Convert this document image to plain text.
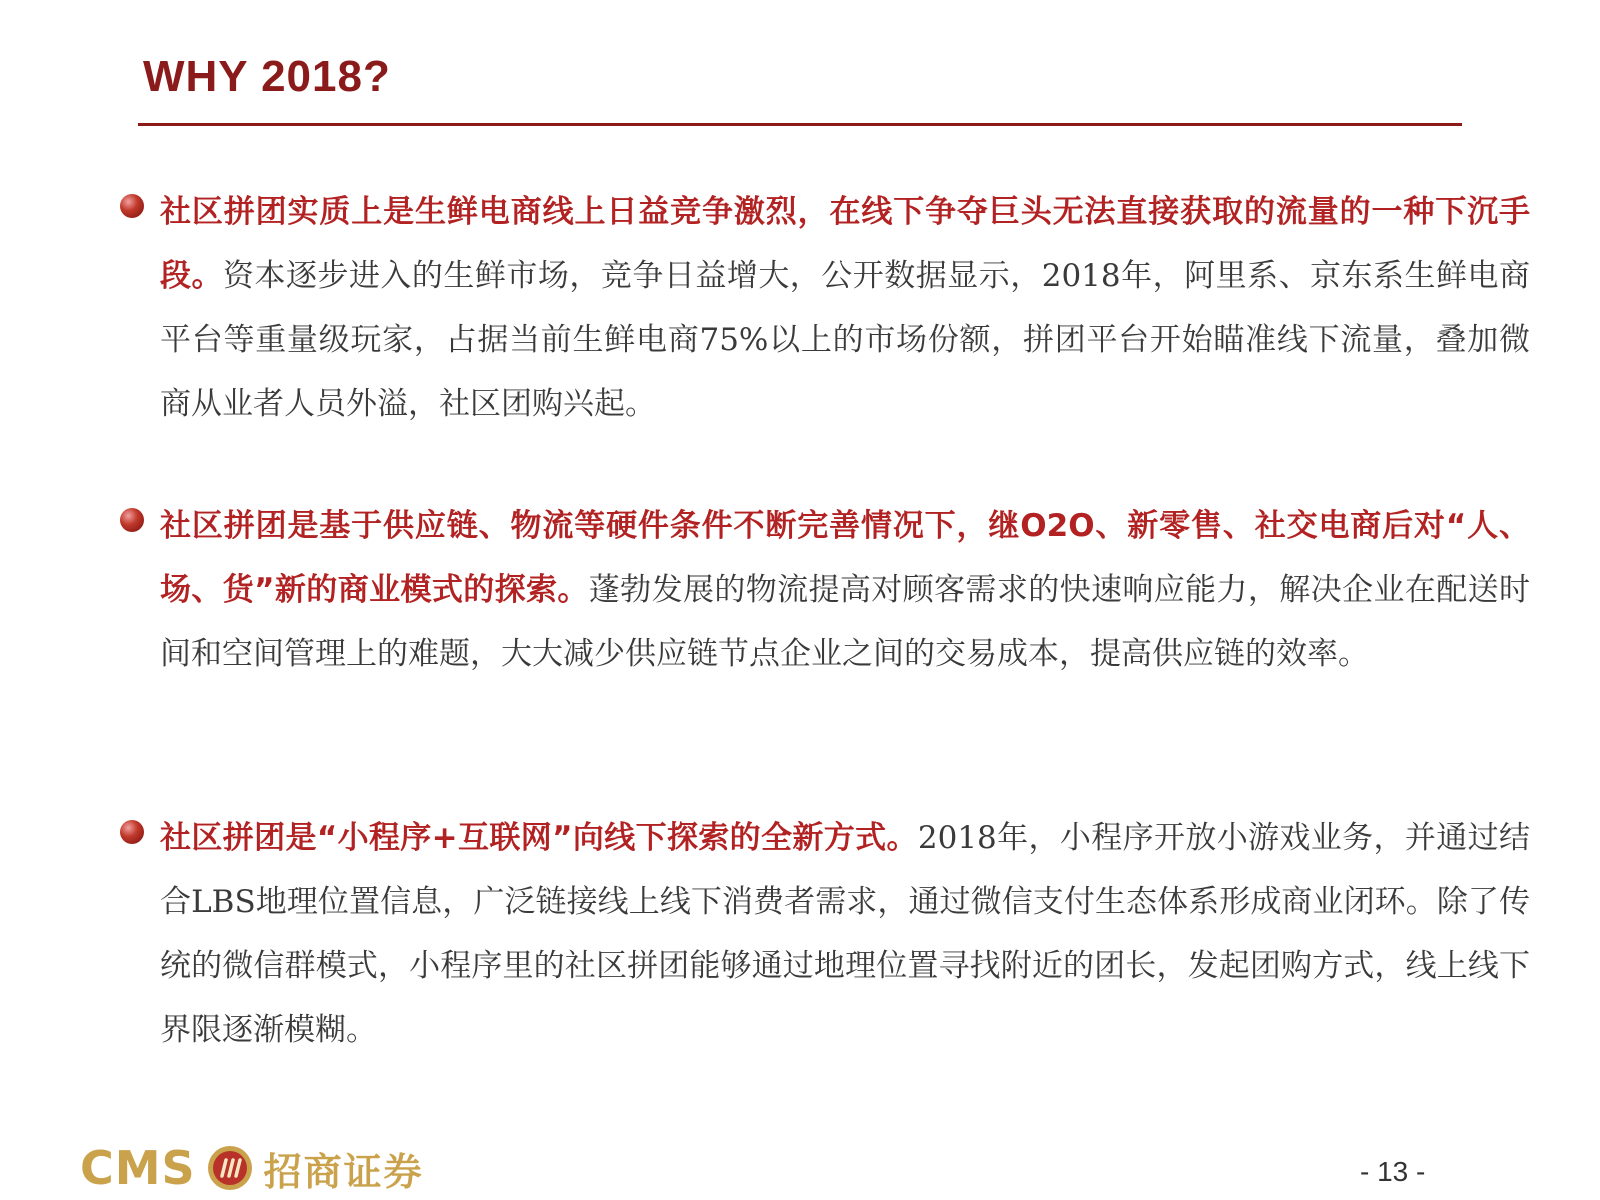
WHY 2018?

社区拼团实质上是生鲜电商线上日益竞争激烈，在线下争夺巨头无法直接获取的流量的一种下沉手段。资本逐步进入的生鲜市场，竞争日益增大，公开数据显示，2018年，阿里系、京东系生鲜电商平台等重量级玩家，占据当前生鲜电商75%以上的市场份额，拼团平台开始瞄准线下流量，叠加微商从业者人员外溢，社区团购兴起。

社区拼团是基于供应链、物流等硬件条件不断完善情况下，继O2O、新零售、社交电商后对“人、场、货”新的商业模式的探索。蓬勃发展的物流提高对顾客需求的快速响应能力，解决企业在配送时间和空间管理上的难题，大大减少供应链节点企业之间的交易成本，提高供应链的效率。

社区拼团是“小程序+互联网”向线下探索的全新方式。2018年，小程序开放小游戏业务，并通过结合LBS地理位置信息，广泛链接线上线下消费者需求，通过微信支付生态体系形成商业闭环。除了传统的微信群模式，小程序里的社区拼团能够通过地理位置寻找附近的团长，发起团购方式，线上线下界限逐渐模糊。

CMS 招商证券	- 13 -
